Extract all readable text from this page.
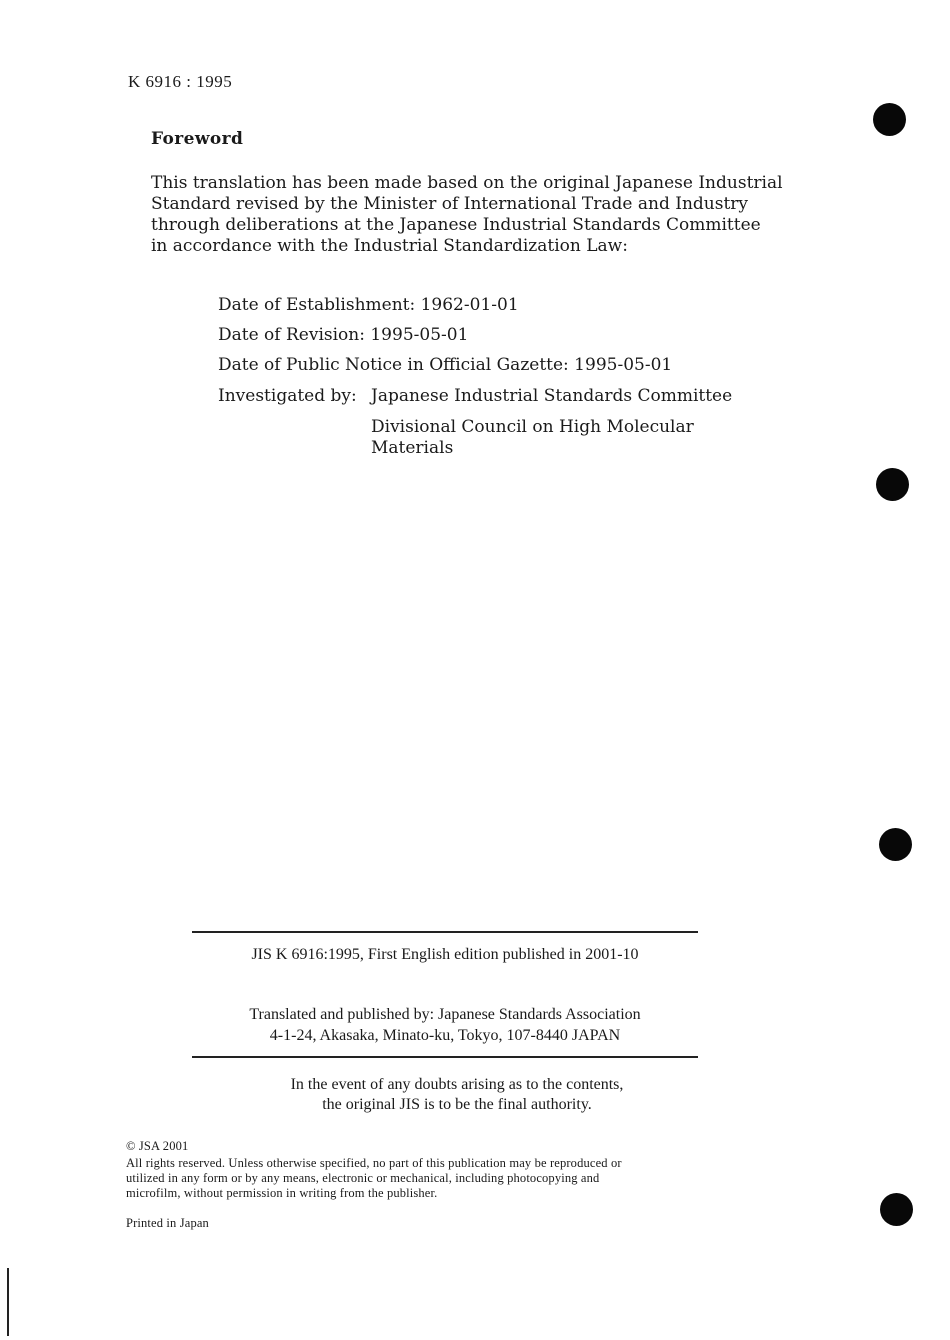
K 6916 : 1995
Foreword
This translation has been made based on the original Japanese Industrial
Standard revised by the Minister of International Trade and Industry
through deliberations at the Japanese Industrial Standards Committee
in accordance with the Industrial Standardization Law:
Date of Establishment: 1962-01-01
Date of Revision: 1995-05-01
Date of Public Notice in Official Gazette: 1995-05-01
Investigated by: Japanese Industrial Standards Committee
Divisional Council on High Molecular
Materials
JIS K 6916:1995, First English edition published in 2001-10
Translated and published by: Japanese Standards Association
4-1-24, Akasaka, Minato-ku, Tokyo, 107-8440 JAPAN
In the event of any doubts arising as to the contents,
the original JIS is to be the final authority.
© JSA 2001
All rights reserved. Unless otherwise specified, no part of this publication may be reproduced or
utilized in any form or by any means, electronic or mechanical, including photocopying and
microfilm, without permission in writing from the publisher.
Printed in Japan
